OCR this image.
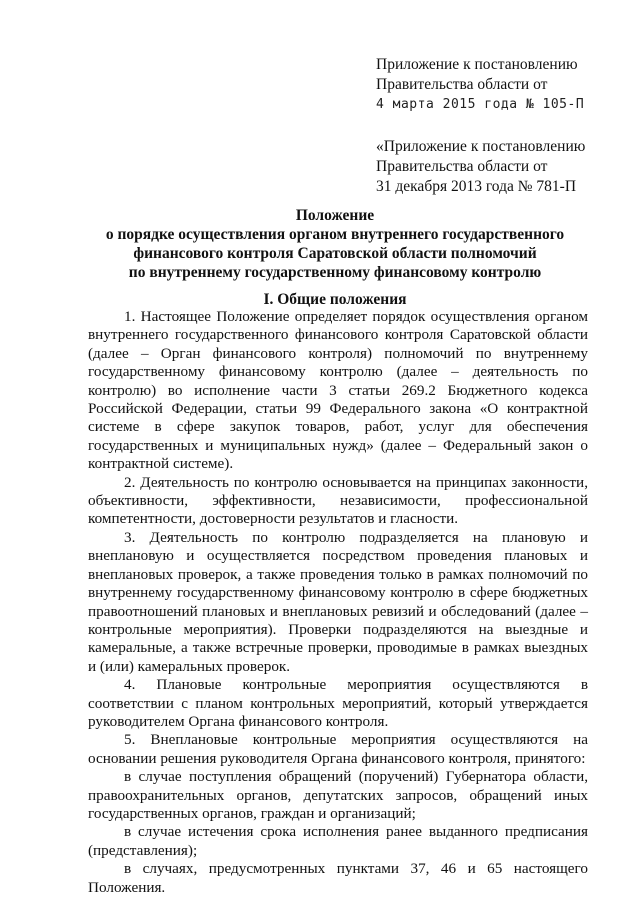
Приложение к постановлению
Правительства области от
4 марта 2015 года № 105-П
«Приложение к постановлению
Правительства области от
31 декабря 2013 года № 781-П
Положение
о порядке осуществления органом внутреннего государственного
финансового контроля Саратовской области полномочий
по внутреннему государственному финансовому контролю
I. Общие положения

1. Настоящее Положение определяет порядок осуществления органом внутреннего государственного финансового контроля Саратовской области (далее – Орган финансового контроля) полномочий по внутреннему государственному финансовому контролю (далее – деятельность по контролю) во исполнение части 3 статьи 269.2 Бюджетного кодекса Российской Федерации, статьи 99 Федерального закона «О контрактной системе в сфере закупок товаров, работ, услуг для обеспечения государственных и муниципальных нужд» (далее – Федеральный закон о контрактной системе).

2. Деятельность по контролю основывается на принципах законности, объективности, эффективности, независимости, профессиональной компетентности, достоверности результатов и гласности.

3. Деятельность по контролю подразделяется на плановую и внеплановую и осуществляется посредством проведения плановых и внеплановых проверок, а также проведения только в рамках полномочий по внутреннему государственному финансовому контролю в сфере бюджетных правоотношений плановых и внеплановых ревизий и обследований (далее – контрольные мероприятия). Проверки подразделяются на выездные и камеральные, а также встречные проверки, проводимые в рамках выездных и (или) камеральных проверок.

4. Плановые контрольные мероприятия осуществляются в соответствии с планом контрольных мероприятий, который утверждается руководителем Органа финансового контроля.

5. Внеплановые контрольные мероприятия осуществляются на основании решения руководителя Органа финансового контроля, принятого:

в случае поступления обращений (поручений) Губернатора области, правоохранительных органов, депутатских запросов, обращений иных государственных органов, граждан и организаций;

в случае истечения срока исполнения ранее выданного предписания (представления);

в случаях, предусмотренных пунктами 37, 46 и 65 настоящего Положения.
